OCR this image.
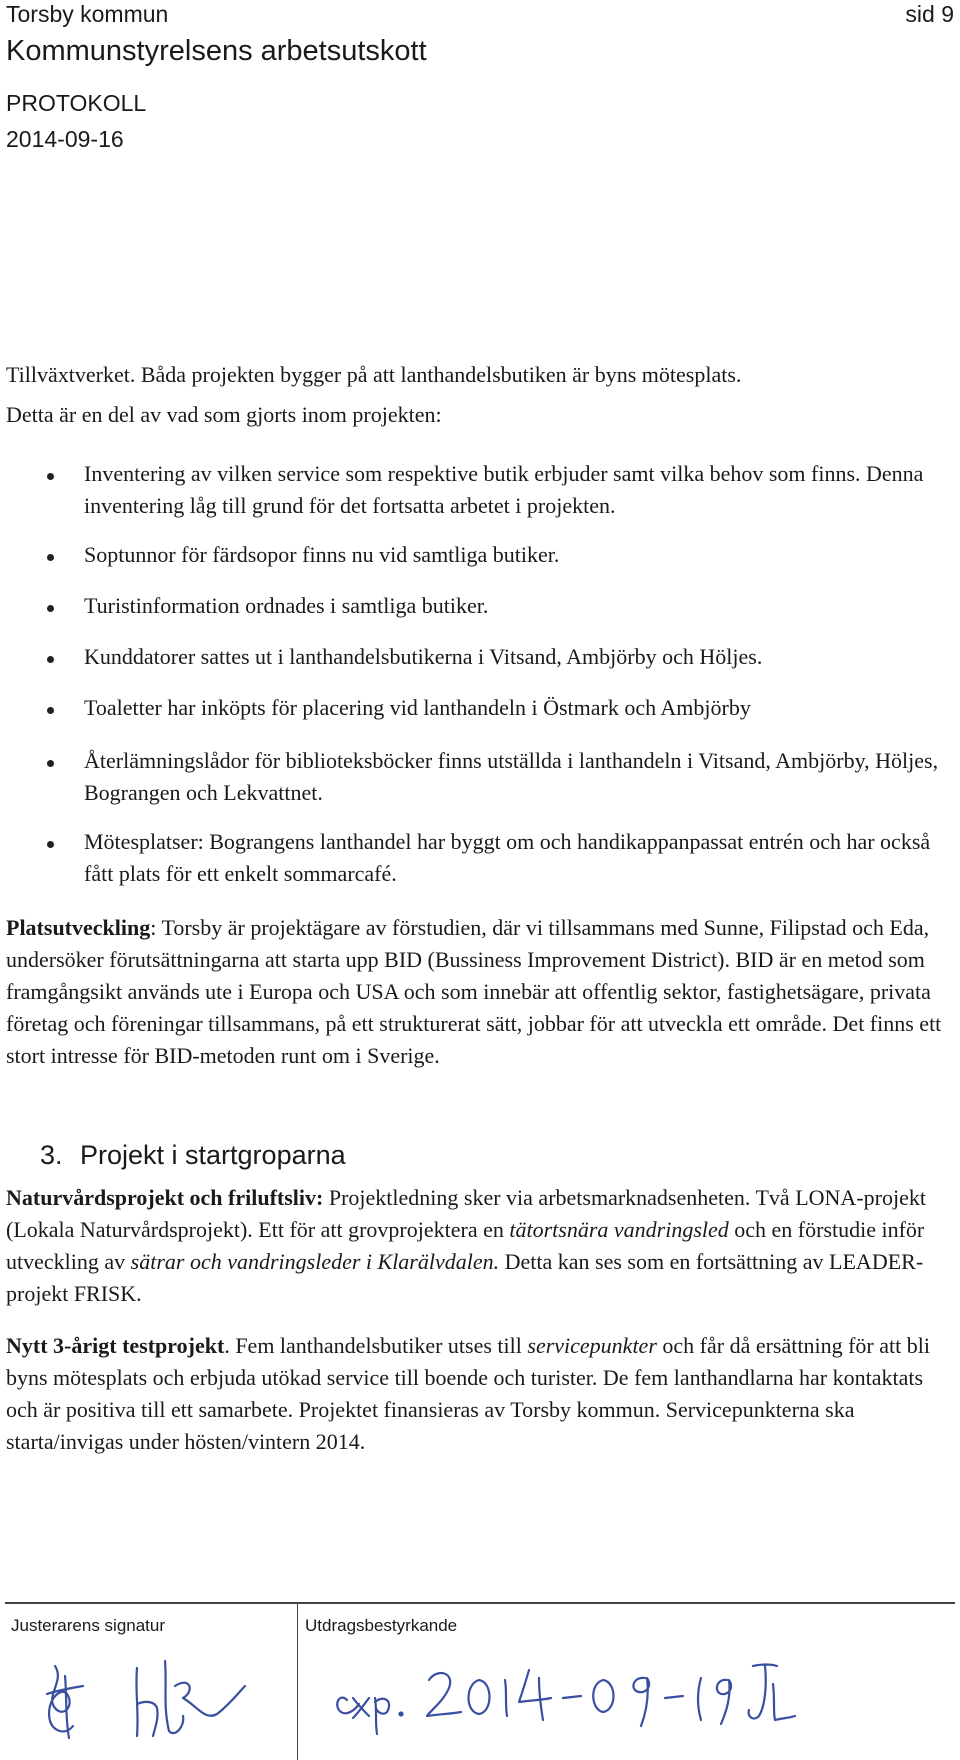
Torsby kommun
Kommunstyrelsens arbetsutskott
PROTOKOLL
2014-09-16
sid 9
Tillväxtverket. Båda projekten bygger på att lanthandelsbutiken är byns mötesplats.
Detta är en del av vad som gjorts inom projekten:
Inventering av vilken service som respektive butik erbjuder samt vilka behov som finns. Denna inventering låg till grund för det fortsatta arbetet i projekten.
Soptunnor för färdsopor finns nu vid samtliga butiker.
Turistinformation ordnades i samtliga butiker.
Kunddatorer sattes ut i lanthandelsbutikerna i Vitsand, Ambjörby och Höljes.
Toaletter har inköpts för placering vid lanthandeln i Östmark och Ambjörby
Återlämningslådor för biblioteksböcker finns utställda i lanthandeln i Vitsand, Ambjörby, Höljes, Bograngen och Lekvattnet.
Mötesplatser: Bograngens lanthandel har byggt om och handikappanpassat entrén och har också fått plats för ett enkelt sommarcafé.
Platsutveckling: Torsby är projektägare av förstudien, där vi tillsammans med Sunne, Filipstad och Eda, undersöker förutsättningarna att starta upp BID (Bussiness Improvement District). BID är en metod som framgångsikt används ute i Europa och USA och som innebär att offentlig sektor, fastighetsägare, privata företag och föreningar tillsammans, på ett strukturerat sätt, jobbar för att utveckla ett område. Det finns ett stort intresse för BID-metoden runt om i Sverige.
3. Projekt i startgroparna
Naturvårdsprojekt och friluftsliv: Projektledning sker via arbetsmarknadsenheten. Två LONA-projekt (Lokala Naturvårdsprojekt). Ett för att grovprojektera en tätortsnära vandringsled och en förstudie inför utveckling av sätrar och vandringsleder i Klarälvdalen. Detta kan ses som en fortsättning av LEADER-projekt FRISK.
Nytt 3-årigt testprojekt. Fem lanthandelsbutiker utses till servicepunkter och får då ersättning för att bli byns mötesplats och erbjuda utökad service till boende och turister. De fem lanthandlarna har kontaktats och är positiva till ett samarbete. Projektet finansieras av Torsby kommun. Servicepunkterna ska starta/invigas under hösten/vintern 2014.
Justerarens signatur	Utdragsbestyrkande
